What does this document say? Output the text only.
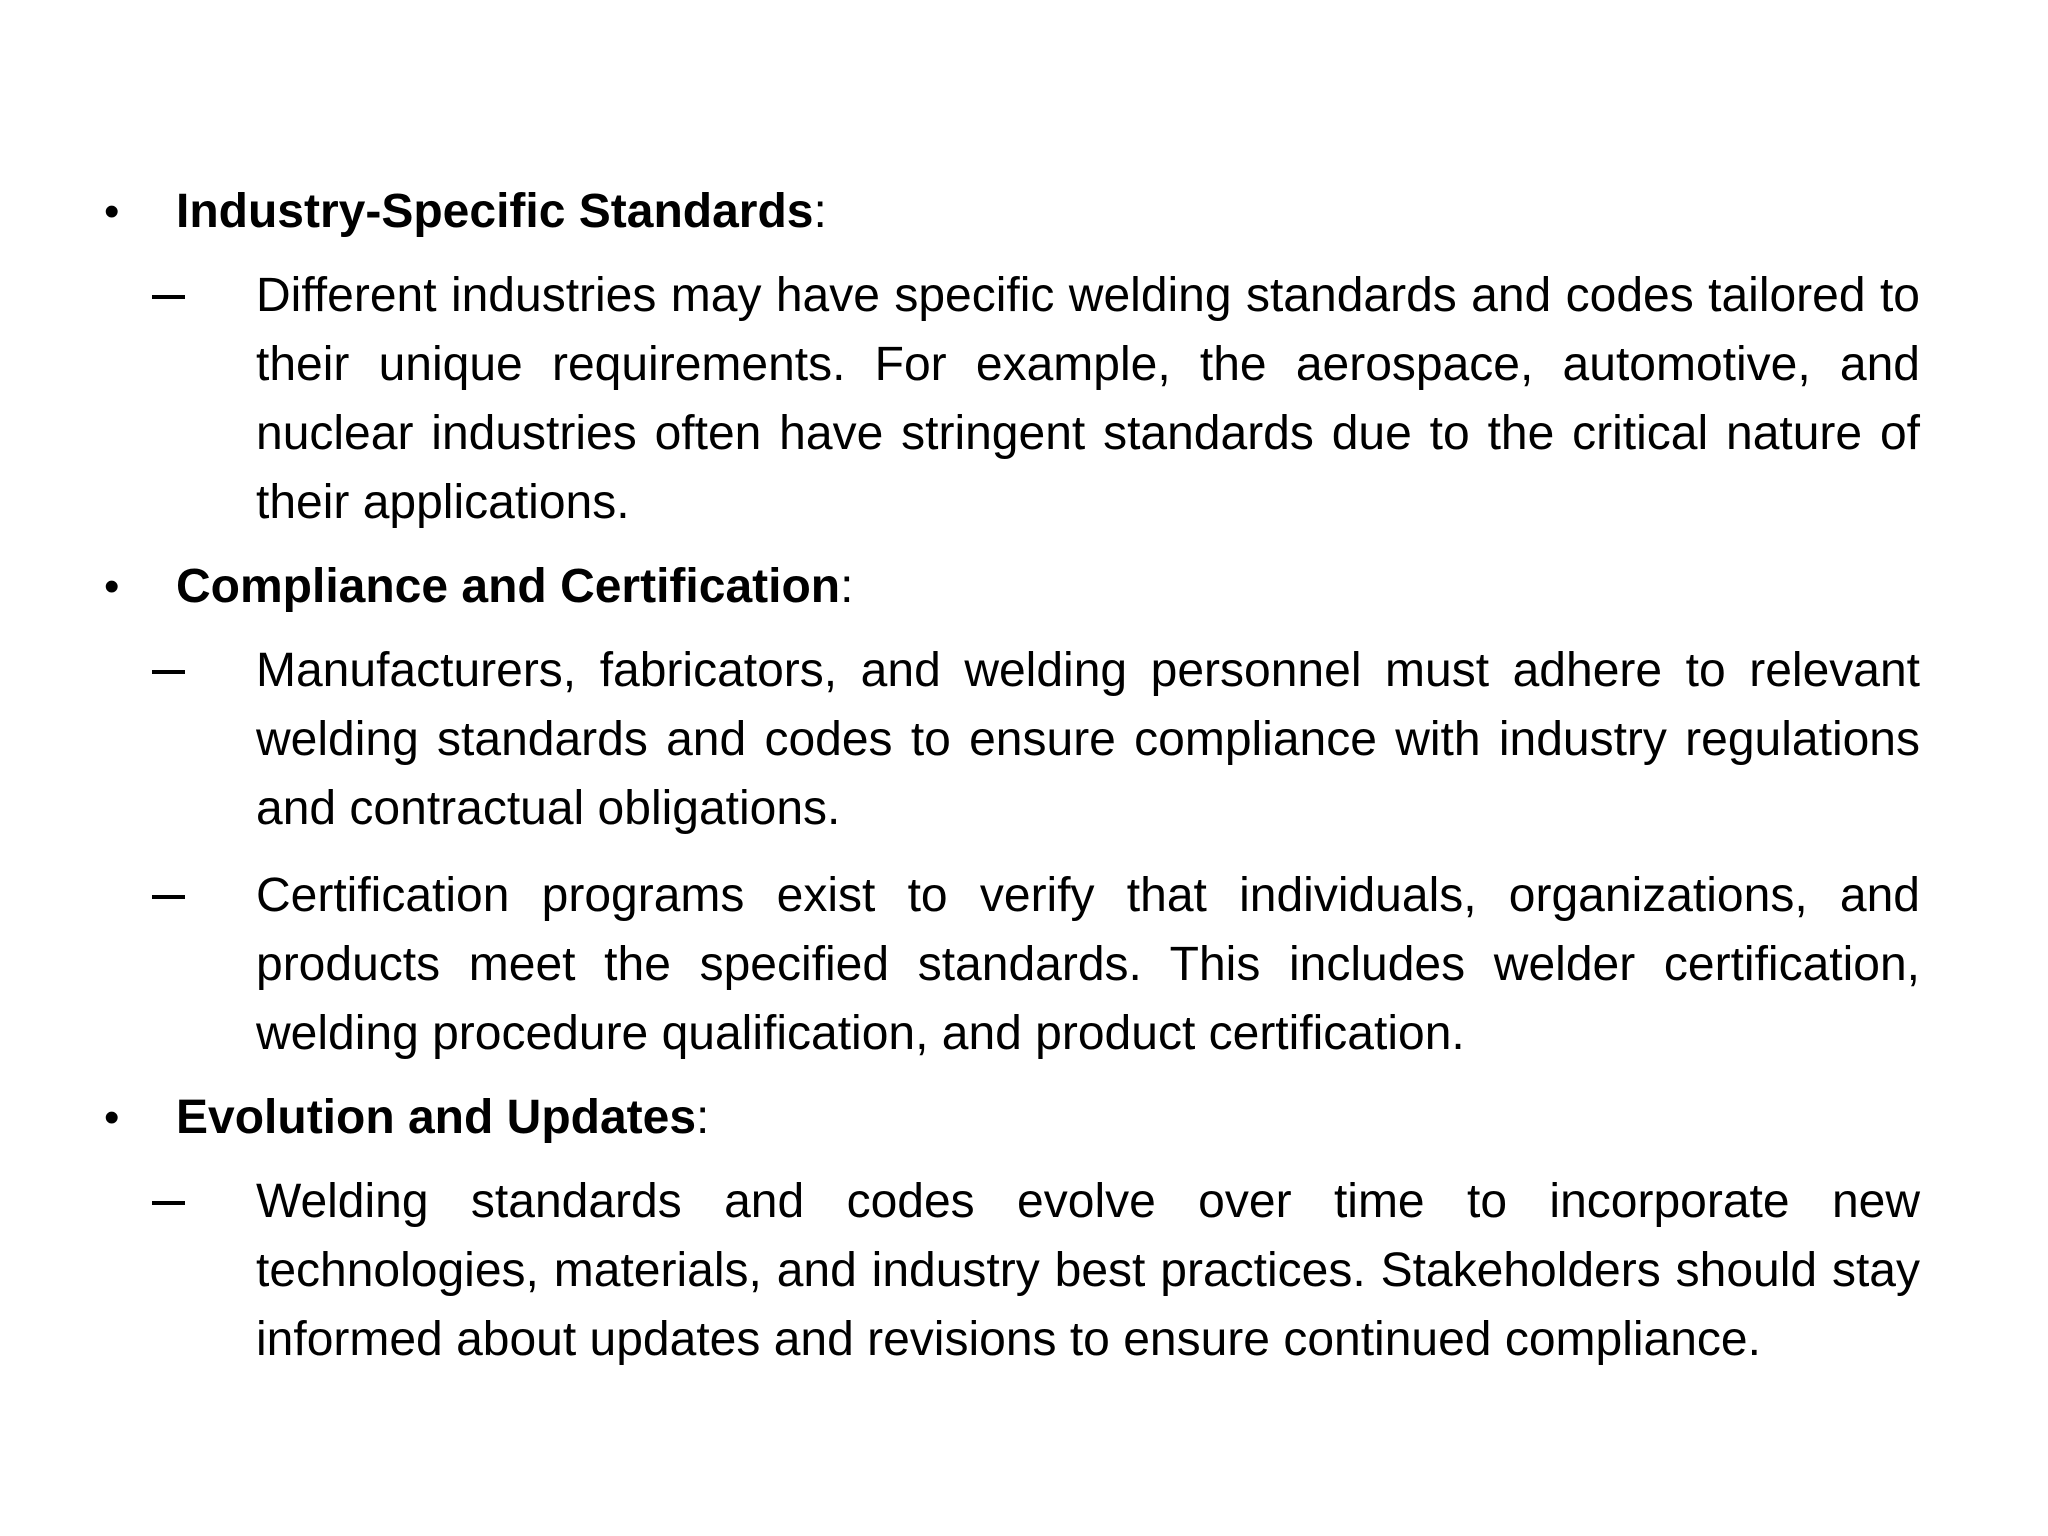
•	Industry-Specific Standards:
Different industries may have specific welding standards and codes tailored to their unique requirements. For example, the aerospace, automotive, and nuclear industries often have stringent standards due to the critical nature of their applications.
•	Compliance and Certification:
Manufacturers, fabricators, and welding personnel must adhere to relevant welding standards and codes to ensure compliance with industry regulations and contractual obligations.
Certification programs exist to verify that individuals, organizations, and products meet the specified standards. This includes welder certification, welding procedure qualification, and product certification.
•	Evolution and Updates:
Welding standards and codes evolve over time to incorporate new technologies, materials, and industry best practices. Stakeholders should stay informed about updates and revisions to ensure continued compliance.
